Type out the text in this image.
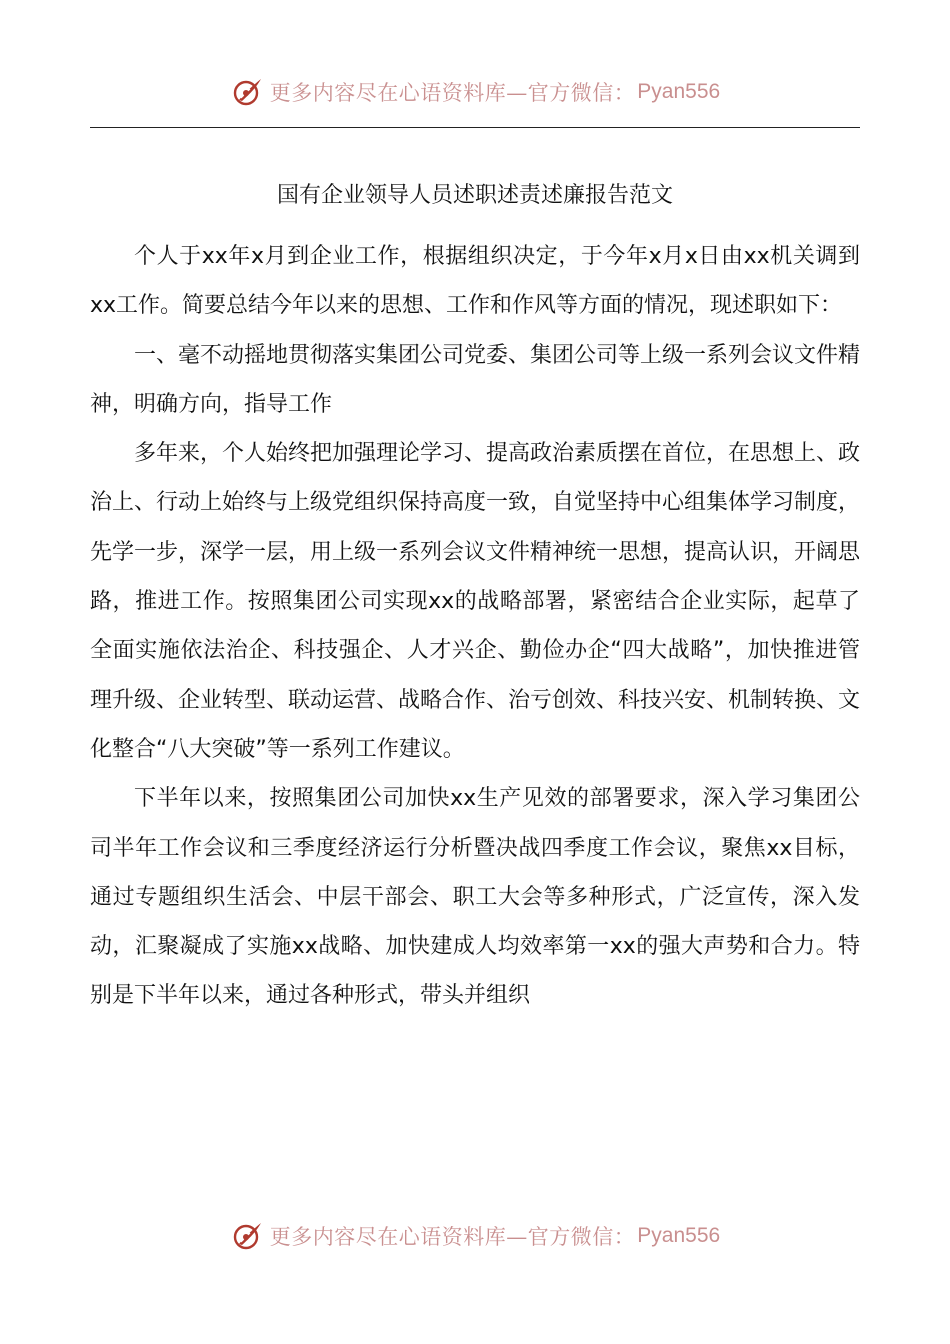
更多内容尽在心语资料库—官方微信： Pyan556
国有企业领导人员述职述责述廉报告范文

个人于xx年x月到企业工作，根据组织决定，于今年x月x日由xx机关调到xx工作。简要总结今年以来的思想、工作和作风等方面的情况，现述职如下：

一、毫不动摇地贯彻落实集团公司党委、集团公司等上级一系列会议文件精神，明确方向，指导工作

多年来，个人始终把加强理论学习、提高政治素质摆在首位，在思想上、政治上、行动上始终与上级党组织保持高度一致，自觉坚持中心组集体学习制度，先学一步，深学一层，用上级一系列会议文件精神统一思想，提高认识，开阔思路，推进工作。按照集团公司实现xx的战略部署，紧密结合企业实际，起草了全面实施依法治企、科技强企、人才兴企、勤俭办企“四大战略”，加快推进管理升级、企业转型、联动运营、战略合作、治亏创效、科技兴安、机制转换、文化整合“八大突破”等一系列工作建议。

下半年以来，按照集团公司加快xx生产见效的部署要求，深入学习集团公司半年工作会议和三季度经济运行分析暨决战四季度工作会议，聚焦xx目标，通过专题组织生活会、中层干部会、职工大会等多种形式，广泛宣传，深入发动，汇聚凝成了实施xx战略、加快建成人均效率第一xx的强大声势和合力。特别是下半年以来，通过各种形式，带头并组织

更多内容尽在心语资料库—官方微信： Pyan556
